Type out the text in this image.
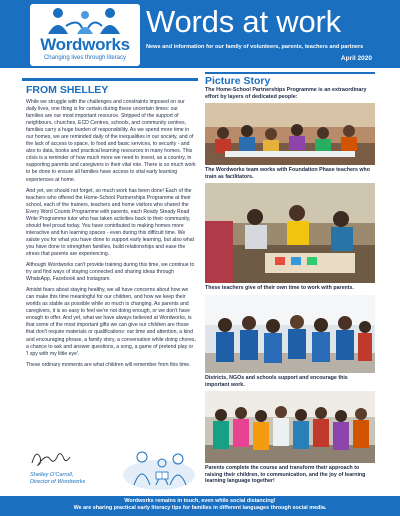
Wordworks
Changing lives through literacy
Words at work
News and information for our family of volunteers, parents, teachers and partners
April 2020
FROM SHELLEY

While we struggle with the challenges and constraints imposed on our daily lives, one thing is for certain during these uncertain times: our families are our most important resource. Stripped of the support of neighbours, churches, ECD Centres, schools, and community centres, families carry a huge burden of responsibility. As we spend more time in our homes, we are reminded daily of the inequalities in our society, and of the lack of access to space, to food and basic services, to security - and also to data, books and practical learning resources in many homes. This crisis is a reminder of how much more we need to invest, as a country, in supporting parents and caregivers in their vital role. There is so much work to be done to ensure all families have access to vital early learning experiences at home.

And yet, we should not forget, so much work has been done! Each of the teachers who offered the Home-School Partnerships Programme at their school, each of the trainers, teachers and home visitors who shared the Every Word Counts Programme with parents, each Ready Steady Read Write Programme tutor who has taken activities back to their community, should feel proud today. You have contributed to making homes more interactive and fun learning spaces - even during this difficult time. We salute you for what you have done to support early learning, but also what you have done to strengthen families, build relationships and ease the stress that parents are experiencing.

Although Wordworks can't provide training during this time, we continue to try and find ways of staying connected and sharing ideas through WhatsApp, Facebook and Instagram.

Amidst fears about staying healthy, we all have concerns about how we can make this time meaningful for our children, and how we keep their worlds as stable as possible while so much is changing. As parents and caregivers, it is so easy to feel we're not doing enough, or we don't have enough to offer. And yet, what we have always believed at Wordworks, is that some of the most important gifts we can give our children are those that don't require materials or qualifications: our time and attention, a kind and encouraging phrase, a family story, a conversation while doing chores, a chance to ask and answer questions, a song, a game of pretend play or 'I spy with my little eye'.

These ordinary moments are what children will remember from this time.

Shelley O'Carroll,
Director of Wordworks
Picture Story
The Home-School Partnerships Programme is an extraordinary effort by layers of dedicated people:
The Wordworks team works with Foundation Phase teachers who train as facilitators.
These teachers give of their own time to work with parents.
Districts, NGOs and schools support and encourage this important work.
Parents complete the course and transform their approach to raising their children, to communication, and the joy of learning learning language together!
Wordworks remains in touch, even while social distancing!
We are sharing practical early literacy tips for families in different languages through social media.
